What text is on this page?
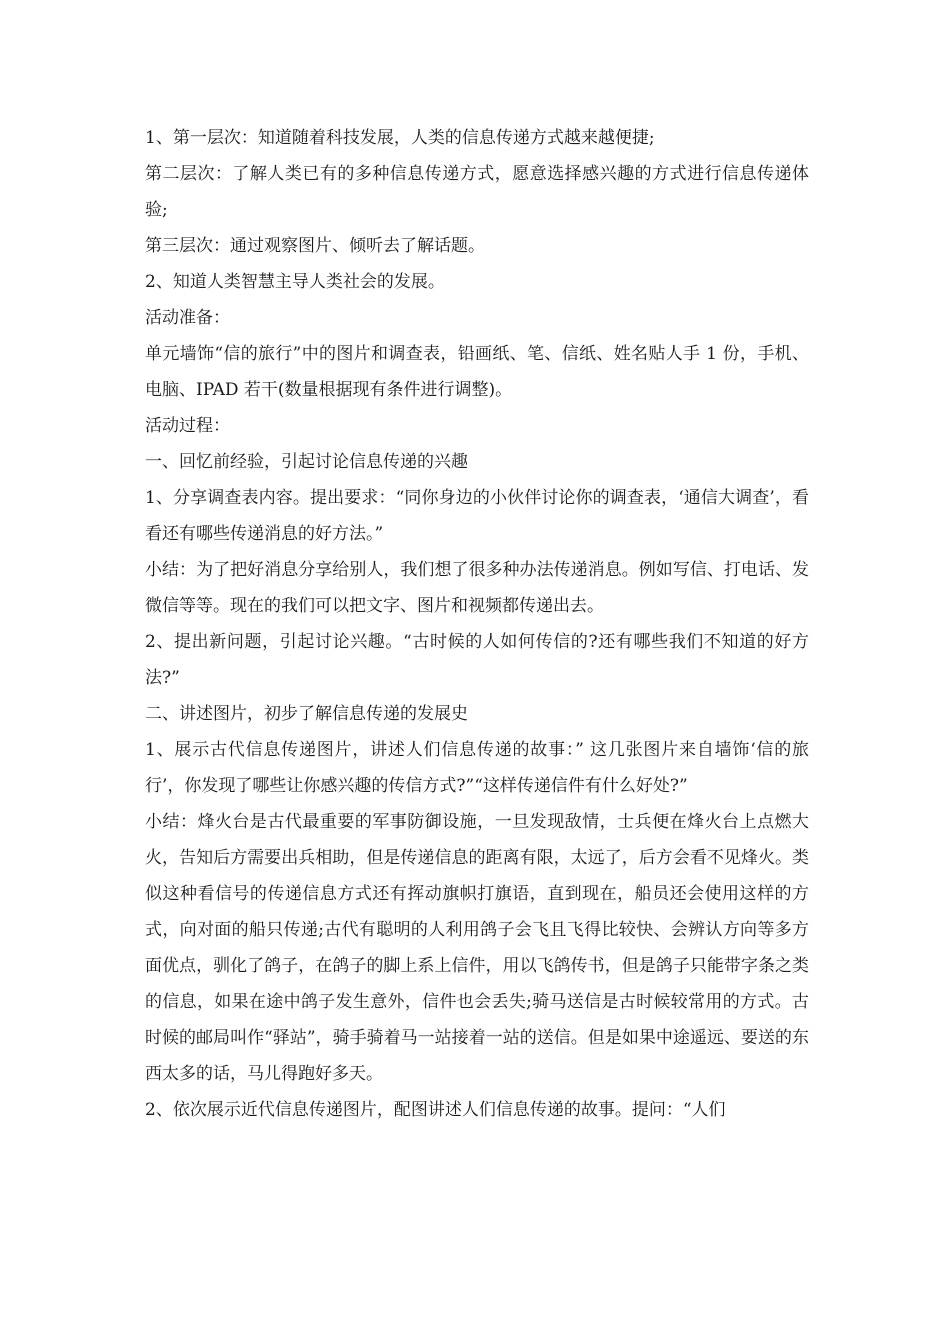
1、第一层次：知道随着科技发展，人类的信息传递方式越来越便捷;

第二层次：了解人类已有的多种信息传递方式，愿意选择感兴趣的方式进行信息传递体验;

第三层次：通过观察图片、倾听去了解话题。

2、知道人类智慧主导人类社会的发展。

活动准备：

单元墙饰“信的旅行”中的图片和调查表，铅画纸、笔、信纸、姓名贴人手 1 份，手机、电脑、IPAD 若干(数量根据现有条件进行调整)。

活动过程：

一、回忆前经验，引起讨论信息传递的兴趣

1、分享调查表内容。提出要求：“同你身边的小伙伴讨论你的调查表，‘通信大调查’，看看还有哪些传递消息的好方法。”

小结：为了把好消息分享给别人，我们想了很多种办法传递消息。例如写信、打电话、发微信等等。现在的我们可以把文字、图片和视频都传递出去。

2、提出新问题，引起讨论兴趣。“古时候的人如何传信的?还有哪些我们不知道的好方法?”

二、讲述图片，初步了解信息传递的发展史

1、展示古代信息传递图片，讲述人们信息传递的故事：” 这几张图片来自墙饰‘信的旅行’，你发现了哪些让你感兴趣的传信方式?”“这样传递信件有什么好处?”

小结：烽火台是古代最重要的军事防御设施，一旦发现敌情，士兵便在烽火台上点燃大火，告知后方需要出兵相助，但是传递信息的距离有限，太远了，后方会看不见烽火。类似这种看信号的传递信息方式还有挥动旗帜打旗语，直到现在，船员还会使用这样的方式，向对面的船只传递;古代有聪明的人利用鸽子会飞且飞得比较快、会辨认方向等多方面优点，驯化了鸽子，在鸽子的脚上系上信件，用以飞鸽传书，但是鸽子只能带字条之类的信息，如果在途中鸽子发生意外，信件也会丢失;骑马送信是古时候较常用的方式。古时候的邮局叫作“驿站”，骑手骑着马一站接着一站的送信。但是如果中途遥远、要送的东西太多的话，马儿得跑好多天。

2、依次展示近代信息传递图片，配图讲述人们信息传递的故事。提问：“人们
